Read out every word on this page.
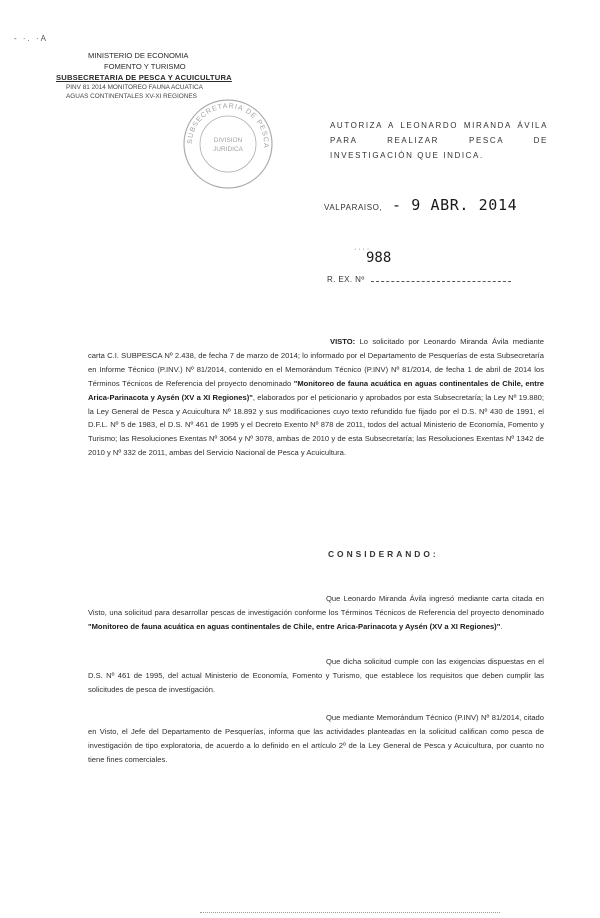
- ·. ·A
MINISTERIO DE ECONOMIA
FOMENTO Y TURISMO
SUBSECRETARIA DE PESCA Y ACUICULTURA
PINV 81 2014 MONITOREO FAUNA ACUATICA
AGUAS CONTINENTALES XV-XI REGIONES
SUBSECRETARIA DE PESCA
DIVISION
JURIDICA
AUTORIZA A LEONARDO MIRANDA ÁVILA PARA REALIZAR PESCA DE INVESTIGACIÓN QUE INDICA.
VALPARAISO, - 9 ABR. 2014
· · · ·
988
R. EX. Nº
VISTO: Lo solicitado por Leonardo Miranda Ávila mediante carta C.I. SUBPESCA Nº 2.438, de fecha 7 de marzo de 2014; lo informado por el Departamento de Pesquerías de esta Subsecretaría en Informe Técnico (P.INV.) Nº 81/2014, contenido en el Memorándum Técnico (P.INV) Nº 81/2014, de fecha 1 de abril de 2014 los Términos Técnicos de Referencia del proyecto denominado "Monitoreo de fauna acuática en aguas continentales de Chile, entre Arica-Parinacota y Aysén (XV a XI Regiones)", elaborados por el peticionario y aprobados por esta Subsecretaría; la Ley Nº 19.880; la Ley General de Pesca y Acuicultura Nº 18.892 y sus modificaciones cuyo texto refundido fue fijado por el D.S. Nº 430 de 1991, el D.F.L. Nº 5 de 1983, el D.S. Nº 461 de 1995 y el Decreto Exento Nº 878 de 2011, todos del actual Ministerio de Economía, Fomento y Turismo; las Resoluciones Exentas Nº 3064 y Nº 3078, ambas de 2010 y de esta Subsecretaría; las Resoluciones Exentas Nº 1342 de 2010 y Nº 332 de 2011, ambas del Servicio Nacional de Pesca y Acuicultura.
CONSIDERANDO:
Que Leonardo Miranda Ávila ingresó mediante carta citada en Visto, una solicitud para desarrollar pescas de investigación conforme los Términos Técnicos de Referencia del proyecto denominado "Monitoreo de fauna acuática en aguas continentales de Chile, entre Arica-Parinacota y Aysén (XV a XI Regiones)".
Que dicha solicitud cumple con las exigencias dispuestas en el D.S. Nº 461 de 1995, del actual Ministerio de Economía, Fomento y Turismo, que establece los requisitos que deben cumplir las solicitudes de pesca de investigación.
Que mediante Memorándum Técnico (P.INV) Nº 81/2014, citado en Visto, el Jefe del Departamento de Pesquerías, informa que las actividades planteadas en la solicitud califican como pesca de investigación de tipo exploratoria, de acuerdo a lo definido en el artículo 2º de la Ley General de Pesca y Acuicultura, por cuanto no tiene fines comerciales.
